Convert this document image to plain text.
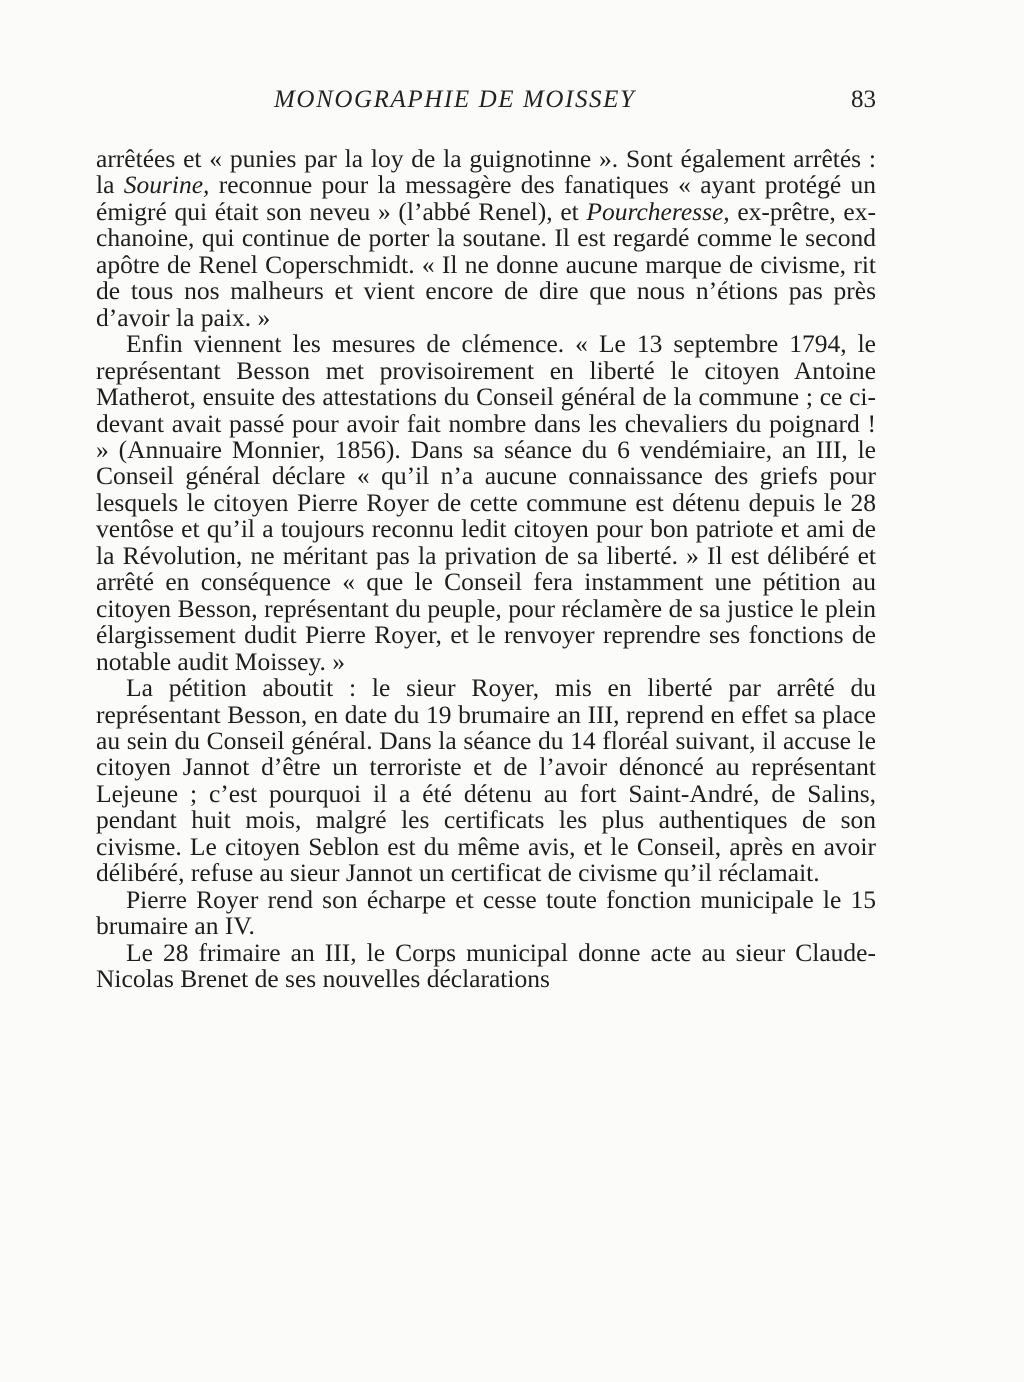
MONOGRAPHIE DE MOISSEY	83

arrêtées et « punies par la loy de la guignotinne ». Sont également arrêtés : la Sourine, reconnue pour la messagère des fanatiques « ayant protégé un émigré qui était son neveu » (l’abbé Renel), et Pourcheresse, ex-prêtre, ex-chanoine, qui continue de porter la soutane. Il est regardé comme le second apôtre de Renel Coperschmidt. « Il ne donne aucune marque de civisme, rit de tous nos malheurs et vient encore de dire que nous n’étions pas près d’avoir la paix. »

Enfin viennent les mesures de clémence. « Le 13 septembre 1794, le représentant Besson met provisoirement en liberté le citoyen Antoine Matherot, ensuite des attestations du Conseil général de la commune ; ce ci-devant avait passé pour avoir fait nombre dans les chevaliers du poignard ! » (Annuaire Monnier, 1856). Dans sa séance du 6 vendémiaire, an III, le Conseil général déclare « qu’il n’a aucune connaissance des griefs pour lesquels le citoyen Pierre Royer de cette commune est détenu depuis le 28 ventôse et qu’il a toujours reconnu ledit citoyen pour bon patriote et ami de la Révolution, ne méritant pas la privation de sa liberté. » Il est délibéré et arrêté en conséquence « que le Conseil fera instamment une pétition au citoyen Besson, représentant du peuple, pour réclamère de sa justice le plein élargissement dudit Pierre Royer, et le renvoyer reprendre ses fonctions de notable audit Moissey. »

La pétition aboutit : le sieur Royer, mis en liberté par arrêté du représentant Besson, en date du 19 brumaire an III, reprend en effet sa place au sein du Conseil général. Dans la séance du 14 floréal suivant, il accuse le citoyen Jannot d’être un terroriste et de l’avoir dénoncé au représentant Lejeune ; c’est pourquoi il a été détenu au fort Saint-André, de Salins, pendant huit mois, malgré les certificats les plus authentiques de son civisme. Le citoyen Seblon est du même avis, et le Conseil, après en avoir délibéré, refuse au sieur Jannot un certificat de civisme qu’il réclamait.

Pierre Royer rend son écharpe et cesse toute fonction municipale le 15 brumaire an IV.

Le 28 frimaire an III, le Corps municipal donne acte au sieur Claude-Nicolas Brenet de ses nouvelles déclarations
